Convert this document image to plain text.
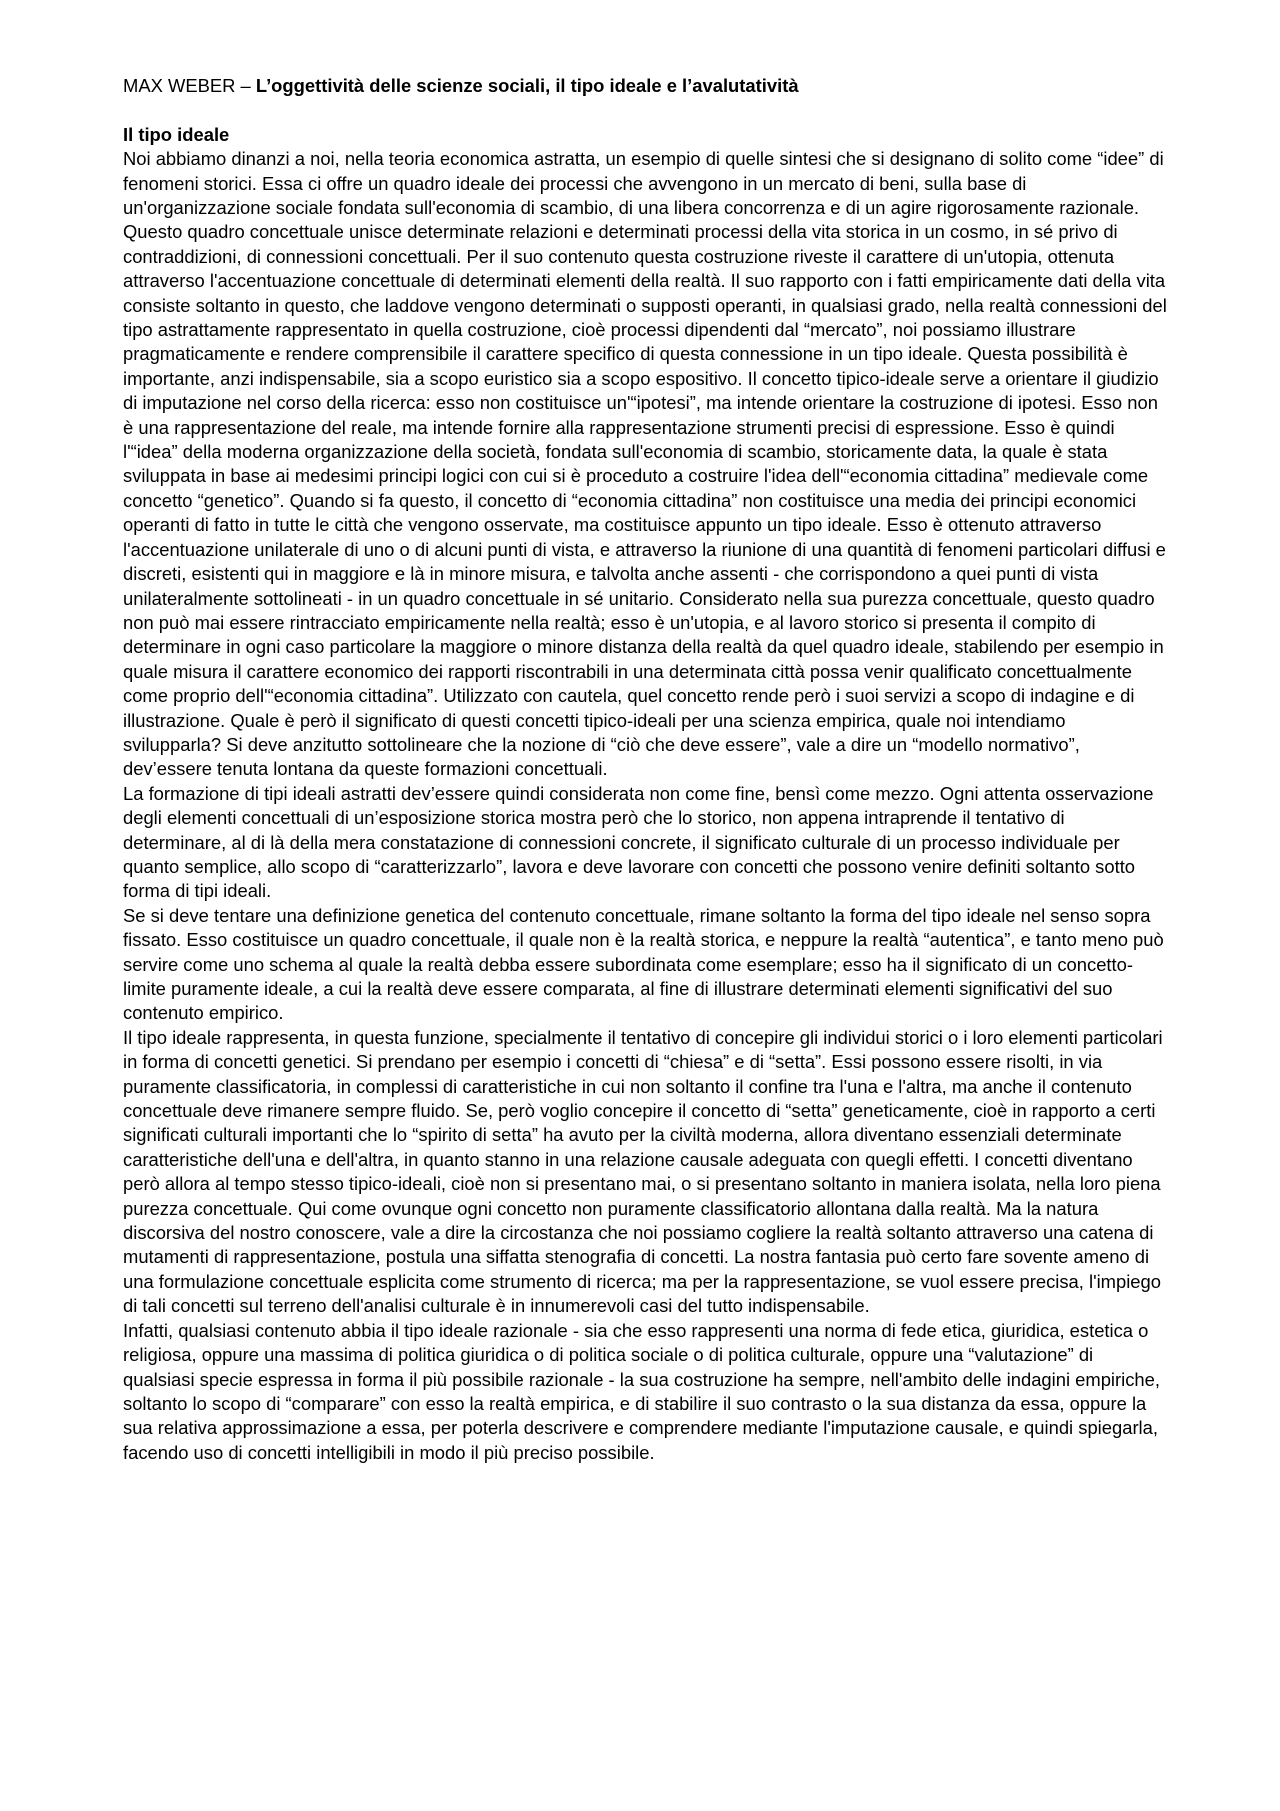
MAX WEBER – L’oggettività delle scienze sociali, il tipo ideale e l’avalutatività

Il tipo ideale

Noi abbiamo dinanzi a noi, nella teoria economica astratta, un esempio di quelle sintesi che si designano di solito come “idee” di fenomeni storici. Essa ci offre un quadro ideale dei processi che avvengono in un mercato di beni, sulla base di un'organizzazione sociale fondata sull'economia di scambio, di una libera concorrenza e di un agire rigorosamente razionale. Questo quadro concettuale unisce determinate relazioni e determinati processi della vita storica in un cosmo, in sé privo di contraddizioni, di connessioni concettuali. Per il suo contenuto questa costruzione riveste il carattere di un'utopia, ottenuta attraverso l'accentuazione concettuale di determinati elementi della realtà. Il suo rapporto con i fatti empiricamente dati della vita consiste soltanto in questo, che laddove vengono determinati o supposti operanti, in qualsiasi grado, nella realtà connessioni del tipo astrattamente rappresentato in quella costruzione, cioè processi dipendenti dal “mercato”, noi possiamo illustrare pragmaticamente e rendere comprensibile il carattere specifico di questa connessione in un tipo ideale. Questa possibilità è importante, anzi indispensabile, sia a scopo euristico sia a scopo espositivo. Il concetto tipico-ideale serve a orientare il giudizio di imputazione nel corso della ricerca: esso non costituisce un'“ipotesi”, ma intende orientare la costruzione di ipotesi. Esso non è una rappresentazione del reale, ma intende fornire alla rappresentazione strumenti precisi di espressione. Esso è quindi l'“idea” della moderna organizzazione della società, fondata sull'economia di scambio, storicamente data, la quale è stata sviluppata in base ai medesimi principi logici con cui si è proceduto a costruire l'idea dell'“economia cittadina” medievale come concetto “genetico”. Quando si fa questo, il concetto di “economia cittadina” non costituisce una media dei principi economici operanti di fatto in tutte le città che vengono osservate, ma costituisce appunto un tipo ideale. Esso è ottenuto attraverso l'accentuazione unilaterale di uno o di alcuni punti di vista, e attraverso la riunione di una quantità di fenomeni particolari diffusi e discreti, esistenti qui in maggiore e là in minore misura, e talvolta anche assenti - che corrispondono a quei punti di vista unilateralmente sottolineati - in un quadro concettuale in sé unitario. Considerato nella sua purezza concettuale, questo quadro non può mai essere rintracciato empiricamente nella realtà; esso è un'utopia, e al lavoro storico si presenta il compito di determinare in ogni caso particolare la maggiore o minore distanza della realtà da quel quadro ideale, stabilendo per esempio in quale misura il carattere economico dei rapporti riscontrabili in una determinata città possa venir qualificato concettualmente come proprio dell'“economia cittadina”. Utilizzato con cautela, quel concetto rende però i suoi servizi a scopo di indagine e di illustrazione. Quale è però il significato di questi concetti tipico-ideali per una scienza empirica, quale noi intendiamo svilupparla? Si deve anzitutto sottolineare che la nozione di “ciò che deve essere”, vale a dire un “modello normativo”, dev’essere tenuta lontana da queste formazioni concettuali.

La formazione di tipi ideali astratti dev’essere quindi considerata non come fine, bensì come mezzo. Ogni attenta osservazione degli elementi concettuali di un’esposizione storica mostra però che lo storico, non appena intraprende il tentativo di determinare, al di là della mera constatazione di connessioni concrete, il significato culturale di un processo individuale per quanto semplice, allo scopo di “caratterizzarlo”, lavora e deve lavorare con concetti che possono venire definiti soltanto sotto forma di tipi ideali.

Se si deve tentare una definizione genetica del contenuto concettuale, rimane soltanto la forma del tipo ideale nel senso sopra fissato. Esso costituisce un quadro concettuale, il quale non è la realtà storica, e neppure la realtà “autentica”, e tanto meno può servire come uno schema al quale la realtà debba essere subordinata come esemplare; esso ha il significato di un concetto-limite puramente ideale, a cui la realtà deve essere comparata, al fine di illustrare determinati elementi significativi del suo contenuto empirico.

Il tipo ideale rappresenta, in questa funzione, specialmente il tentativo di concepire gli individui storici o i loro elementi particolari in forma di concetti genetici. Si prendano per esempio i concetti di “chiesa” e di “setta”. Essi possono essere risolti, in via puramente classificatoria, in complessi di caratteristiche in cui non soltanto il confine tra l'una e l'altra, ma anche il contenuto concettuale deve rimanere sempre fluido. Se, però voglio concepire il concetto di “setta” geneticamente, cioè in rapporto a certi significati culturali importanti che lo “spirito di setta” ha avuto per la civiltà moderna, allora diventano essenziali determinate caratteristiche dell'una e dell'altra, in quanto stanno in una relazione causale adeguata con quegli effetti. I concetti diventano però allora al tempo stesso tipico-ideali, cioè non si presentano mai, o si presentano soltanto in maniera isolata, nella loro piena purezza concettuale. Qui come ovunque ogni concetto non puramente classificatorio allontana dalla realtà. Ma la natura discorsiva del nostro conoscere, vale a dire la circostanza che noi possiamo cogliere la realtà soltanto attraverso una catena di mutamenti di rappresentazione, postula una siffatta stenografia di concetti. La nostra fantasia può certo fare sovente ameno di una formulazione concettuale esplicita come strumento di ricerca; ma per la rappresentazione, se vuol essere precisa, l'impiego di tali concetti sul terreno dell'analisi culturale è in innumerevoli casi del tutto indispensabile.

Infatti, qualsiasi contenuto abbia il tipo ideale razionale - sia che esso rappresenti una norma di fede etica, giuridica, estetica o religiosa, oppure una massima di politica giuridica o di politica sociale o di politica culturale, oppure una “valutazione” di qualsiasi specie espressa in forma il più possibile razionale - la sua costruzione ha sempre, nell'ambito delle indagini empiriche, soltanto lo scopo di “comparare” con esso la realtà empirica, e di stabilire il suo contrasto o la sua distanza da essa, oppure la sua relativa approssimazione a essa, per poterla descrivere e comprendere mediante l'imputazione causale, e quindi spiegarla, facendo uso di concetti intelligibili in modo il più preciso possibile.
